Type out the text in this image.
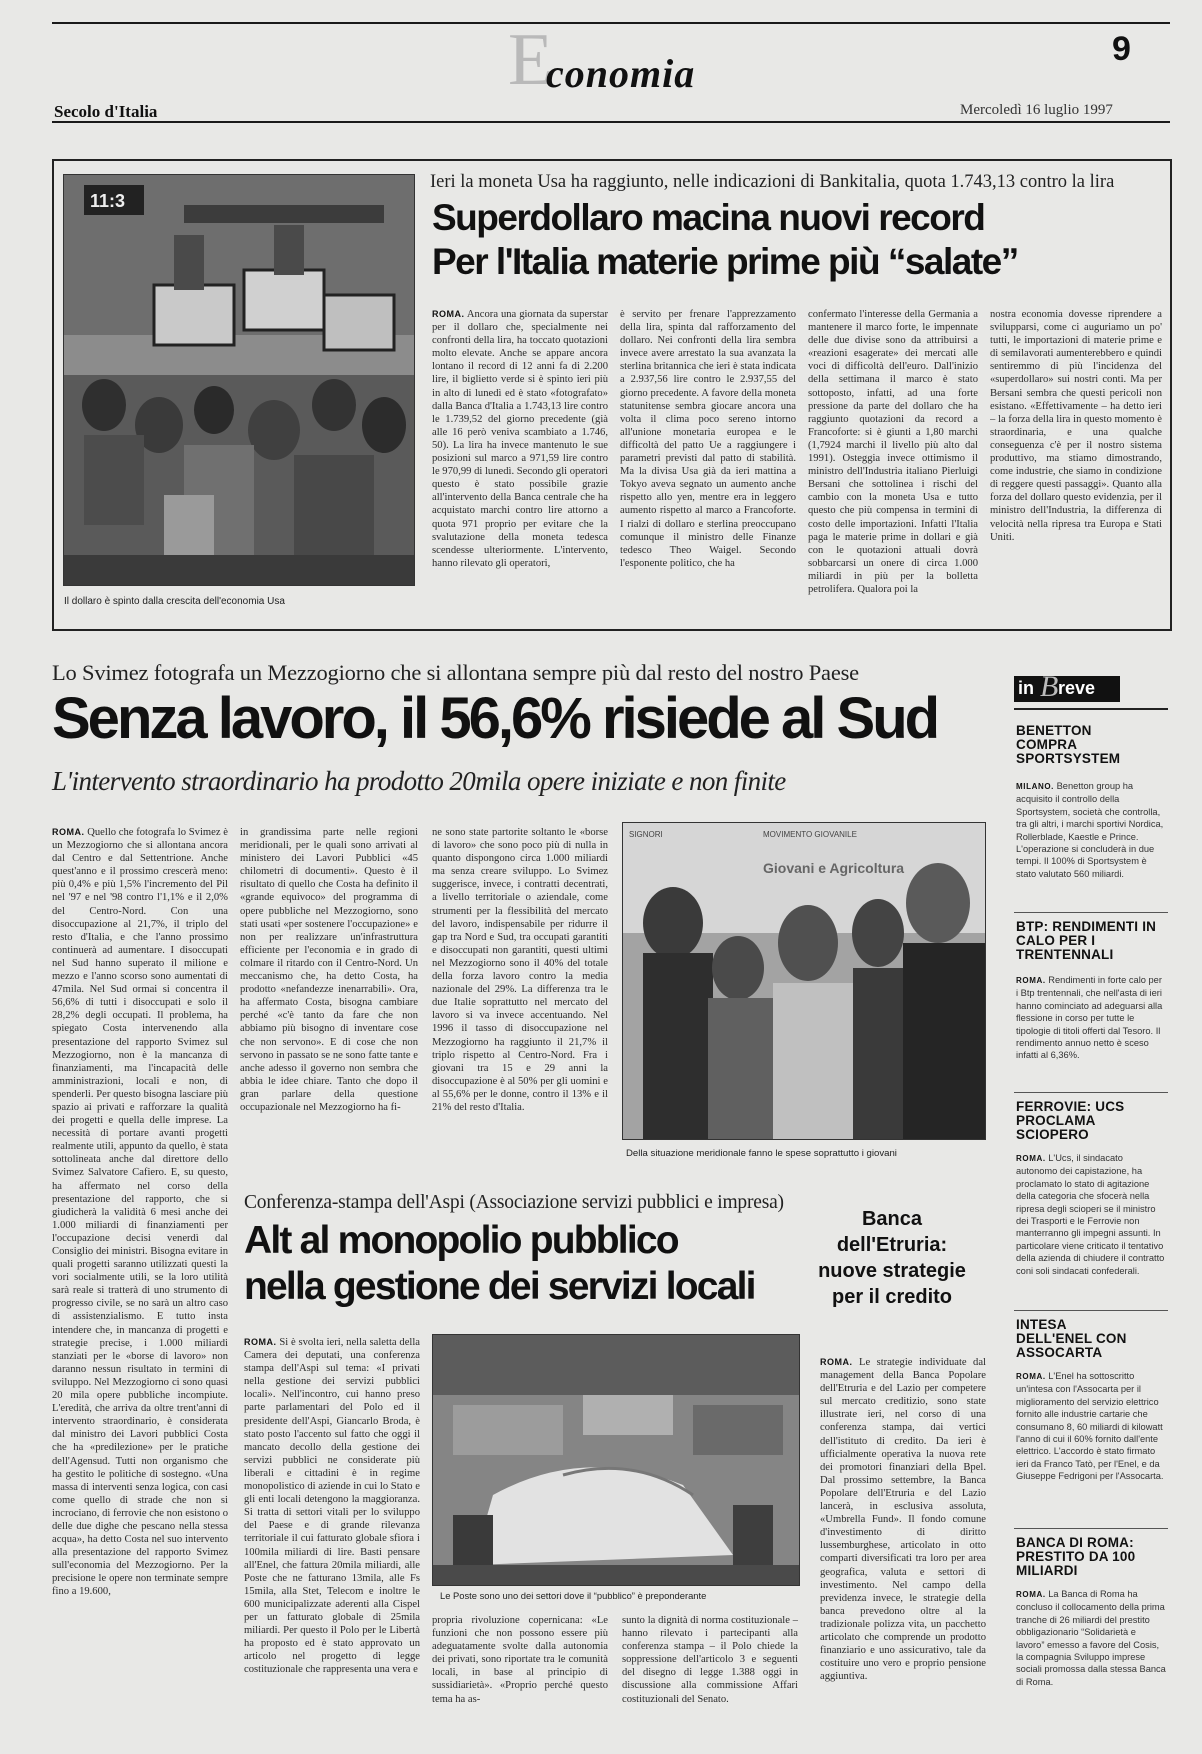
E
conomia
9
Secolo d'Italia	Mercoledì 16 luglio 1997
11:3
Il dollaro è spinto dalla crescita dell'economia Usa
Ieri la moneta Usa ha raggiunto, nelle indicazioni di Bankitalia, quota 1.743,13 contro la lira
Superdollaro macina nuovi record
Per l'Italia materie prime più “salate”
ROMA. Ancora una giornata da superstar per il dollaro che, specialmente nei confronti della lira, ha toccato quotazioni molto elevate. Anche se appare ancora lontano il record di 12 anni fa di 2.200 lire, il biglietto verde si è spinto ieri più in alto di lunedì ed è stato «fotografato» dalla Banca d'Italia a 1.743,13 lire contro le 1.739,52 del giorno precedente (già alle 16 però veniva scambiato a 1.746, 50). La lira ha invece mantenuto le sue posizioni sul marco a 971,59 lire contro le 970,99 di lunedì. Secondo gli operatori questo è stato possibile grazie all'intervento della Banca centrale che ha acquistato marchi contro lire attorno a quota 971 proprio per evitare che la svalutazione della moneta tedesca scendesse ulteriormente. L'intervento, hanno rilevato gli operatori,
è servito per frenare l'apprezzamento della lira, spinta dal rafforzamento del dollaro. Nei confronti della lira sembra invece avere arrestato la sua avanzata la sterlina britannica che ieri è stata indicata a 2.937,56 lire contro le 2.937,55 del giorno precedente. A favore della moneta statunitense sembra giocare ancora una volta il clima poco sereno intorno all'unione monetaria europea e le difficoltà del patto Ue a raggiungere i parametri previsti dal patto di stabilità. Ma la divisa Usa già da ieri mattina a Tokyo aveva segnato un aumento anche rispetto allo yen, mentre era in leggero aumento rispetto al marco a Francoforte. I rialzi di dollaro e sterlina preoccupano comunque il ministro delle Finanze tedesco Theo Waigel. Secondo l'esponente politico, che ha
confermato l'interesse della Germania a mantenere il marco forte, le impennate delle due divise sono da attribuirsi a «reazioni esagerate» dei mercati alle voci di difficoltà dell'euro. Dall'inizio della settimana il marco è stato sottoposto, infatti, ad una forte pressione da parte del dollaro che ha raggiunto quotazioni da record a Francoforte: si è giunti a 1,80 marchi (1,7924 marchi il livello più alto dal 1991). Osteggia invece ottimismo il ministro dell'Industria italiano Pierluigi Bersani che sottolinea i rischi del cambio con la moneta Usa e tutto questo che più compensa in termini di costo delle importazioni. Infatti l'Italia paga le materie prime in dollari e già con le quotazioni attuali dovrà sobbarcarsi un onere di circa 1.000 miliardi in più per la bolletta petrolifera. Qualora poi la
nostra economia dovesse riprendere a svilupparsi, come ci auguriamo un po' tutti, le importazioni di materie prime e di semilavorati aumenterebbero e quindi sentiremmo di più l'incidenza del «superdollaro» sui nostri conti. Ma per Bersani sembra che questi pericoli non esistano. «Effettivamente – ha detto ieri – la forza della lira in questo momento è straordinaria, e una qualche conseguenza c'è per il nostro sistema produttivo, ma stiamo dimostrando, come industrie, che siamo in condizione di reggere questi passaggi». Quanto alla forza del dollaro questo evidenzia, per il ministro dell'Industria, la differenza di velocità nella ripresa tra Europa e Stati Uniti.
Lo Svimez fotografa un Mezzogiorno che si allontana sempre più dal resto del nostro Paese
Senza lavoro, il 56,6% risiede al Sud
L'intervento straordinario ha prodotto 20mila opere iniziate e non finite
ROMA. Quello che fotografa lo Svimez è un Mezzogiorno che si allontana ancora dal Centro e dal Settentrione. Anche quest'anno e il prossimo crescerà meno: più 0,4% e più 1,5% l'incremento del Pil nel '97 e nel '98 contro l'1,1% e il 2,0% del Centro-Nord. Con una disoccupazione al 21,7%, il triplo del resto d'Italia, e che l'anno prossimo continuerà ad aumentare. I disoccupati nel Sud hanno superato il milione e mezzo e l'anno scorso sono aumentati di 47mila. Nel Sud ormai si concentra il 56,6% di tutti i disoccupati e solo il 28,2% degli occupati. Il problema, ha spiegato Costa intervenendo alla presentazione del rapporto Svimez sul Mezzogiorno, non è la mancanza di finanziamenti, ma l'incapacità delle amministrazioni, locali e non, di spenderli. Per questo bisogna lasciare più spazio ai privati e rafforzare la qualità dei progetti e quella delle imprese. La necessità di portare avanti progetti realmente utili, appunto da quello, è stata sottolineata anche dal direttore dello Svimez Salvatore Cafiero. E, su questo, ha affermato nel corso della presentazione del rapporto, che si giudicherà la validità 6 mesi anche dei 1.000 miliardi di finanziamenti per l'occupazione decisi venerdì dal Consiglio dei ministri. Bisogna evitare in quali progetti saranno utilizzati questi la vori socialmente utili, se la loro utilità sarà reale si tratterà di uno strumento di progresso civile, se no sarà un altro caso di assistenzialismo. E tutto insta intendere che, in mancanza di progetti e strategie precise, i 1.000 miliardi stanziati per le «borse di lavoro» non daranno nessun risultato in termini di sviluppo. Nel Mezzogiorno ci sono quasi 20 mila opere pubbliche incompiute. L'eredità, che arriva da oltre trent'anni di intervento straordinario, è considerata dal ministro dei Lavori pubblici Costa che ha «predilezione» per le pratiche dell'Agensud. Tutti non organismo che ha gestito le politiche di sostegno. «Una massa di interventi senza logica, con casi come quello di strade che non si incrociano, di ferrovie che non esistono o delle due dighe che pescano nella stessa acqua», ha detto Costa nel suo intervento alla presentazione del rapporto Svimez sull'economia del Mezzogiorno. Per la precisione le opere non terminate sempre fino a 19.600,
in grandissima parte nelle regioni meridionali, per le quali sono arrivati al ministero dei Lavori Pubblici «45 chilometri di documenti». Questo è il risultato di quello che Costa ha definito il «grande equivoco» del programma di opere pubbliche nel Mezzogiorno, sono stati usati «per sostenere l'occupazione» e non per realizzare un'infrastruttura efficiente per l'economia e in grado di colmare il ritardo con il Centro-Nord. Un meccanismo che, ha detto Costa, ha prodotto «nefandezze inenarrabili». Ora, ha affermato Costa, bisogna cambiare perché «c'è tanto da fare che non abbiamo più bisogno di inventare cose che non servono». E di cose che non servono in passato se ne sono fatte tante e anche adesso il governo non sembra che abbia le idee chiare. Tanto che dopo il gran parlare della questione occupazionale nel Mezzogiorno ha fi-
ne sono state partorite soltanto le «borse di lavoro» che sono poco più di nulla in quanto dispongono circa 1.000 miliardi ma senza creare sviluppo. Lo Svimez suggerisce, invece, i contratti decentrati, a livello territoriale o aziendale, come strumenti per la flessibilità del mercato del lavoro, indispensabile per ridurre il gap tra Nord e Sud, tra occupati garantiti e disoccupati non garantiti, questi ultimi nel Mezzogiorno sono il 40% del totale della forza lavoro contro la media nazionale del 29%. La differenza tra le due Italie soprattutto nel mercato del lavoro si va invece accentuando. Nel 1996 il tasso di disoccupazione nel Mezzogiorno ha raggiunto il 21,7% il triplo rispetto al Centro-Nord. Fra i giovani tra 15 e 29 anni la disoccupazione è al 50% per gli uomini e al 55,6% per le donne, contro il 13% e il 21% del resto d'Italia.
SIGNORI	MOVIMENTO GIOVANILE
Giovani e Agricoltura
Della situazione meridionale fanno le spese soprattutto i giovani
Conferenza-stampa dell'Aspi (Associazione servizi pubblici e impresa)
Alt al monopolio pubblico
nella gestione dei servizi locali
ROMA. Si è svolta ieri, nella saletta della Camera dei deputati, una conferenza stampa dell'Aspi sul tema: «I privati nella gestione dei servizi pubblici locali». Nell'incontro, cui hanno preso parte parlamentari del Polo ed il presidente dell'Aspi, Giancarlo Broda, è stato posto l'accento sul fatto che oggi il mancato decollo della gestione dei servizi pubblici ne considerate più liberali e cittadini è in regime monopolistico di aziende in cui lo Stato e gli enti locali detengono la maggioranza. Si tratta di settori vitali per lo sviluppo del Paese e di grande rilevanza territoriale il cui fatturato globale sfiora i 100mila miliardi di lire. Basti pensare all'Enel, che fattura 20mila miliardi, alle Poste che ne fatturano 13mila, alle Fs 15mila, alla Stet, Telecom e inoltre le 600 municipalizzate aderenti alla Cispel per un fatturato globale di 25mila miliardi. Per questo il Polo per le Libertà ha proposto ed è stato approvato un articolo nel progetto di legge costituzionale che rappresenta una vera e
Le Poste sono uno dei settori dove il “pubblico” è preponderante
propria rivoluzione copernicana: «Le funzioni che non possono essere più adeguatamente svolte dalla autonomia dei privati, sono riportate tra le comunità locali, in base al principio di sussidiarietà». «Proprio perché questo tema ha as-
sunto la dignità di norma costituzionale – hanno rilevato i partecipanti alla conferenza stampa – il Polo chiede la soppressione dell'articolo 3 e seguenti del disegno di legge 1.388 oggi in discussione alla commissione Affari costituzionali del Senato.
Banca dell'Etruria: nuove strategie per il credito
ROMA. Le strategie individuate dal management della Banca Popolare dell'Etruria e del Lazio per competere sul mercato creditizio, sono state illustrate ieri, nel corso di una conferenza stampa, dai vertici dell'istituto di credito. Da ieri è ufficialmente operativa la nuova rete dei promotori finanziari della Bpel. Dal prossimo settembre, la Banca Popolare dell'Etruria e del Lazio lancerà, in esclusiva assoluta, «Umbrella Fund». Il fondo comune d'investimento di diritto lussemburghese, articolato in otto comparti diversificati tra loro per area geografica, valuta e settori di investimento. Nel campo della previdenza invece, le strategie della banca prevedono oltre al la tradizionale polizza vita, un pacchetto articolato che comprende un prodotto finanziario e uno assicurativo, tale da costituire uno vero e proprio pensione aggiuntiva.
in B reve
BENETTON COMPRA SPORTSYSTEM
MILANO. Benetton group ha acquisito il controllo della Sportsystem, società che controlla, tra gli altri, i marchi sportivi Nordica, Rollerblade, Kaestle e Prince. L'operazione si concluderà in due tempi. Il 100% di Sportsystem è stato valutato 560 miliardi.
BTP: RENDIMENTI IN CALO PER I TRENTENNALI
ROMA. Rendimenti in forte calo per i Btp trentennali, che nell'asta di ieri hanno cominciato ad adeguarsi alla flessione in corso per tutte le tipologie di titoli offerti dal Tesoro. Il rendimento annuo netto è sceso infatti al 6,36%.
FERROVIE: UCS PROCLAMA SCIOPERO
ROMA. L'Ucs, il sindacato autonomo dei capistazione, ha proclamato lo stato di agitazione della categoria che sfocerà nella ripresa degli scioperi se il ministro dei Trasporti e le Ferrovie non manterranno gli impegni assunti. In particolare viene criticato il tentativo della azienda di chiudere il contratto coni soli sindacati confederali.
INTESA DELL'ENEL CON ASSOCARTA
ROMA. L'Enel ha sottoscritto un'intesa con l'Assocarta per il miglioramento del servizio elettrico fornito alle industrie cartarie che consumano 8, 60 miliardi di kilowatt l'anno di cui il 60% fornito dall'ente elettrico. L'accordo è stato firmato ieri da Franco Tatò, per l'Enel, e da Giuseppe Fedrigoni per l'Assocarta.
BANCA DI ROMA: PRESTITO DA 100 MILIARDI
ROMA. La Banca di Roma ha concluso il collocamento della prima tranche di 26 miliardi del prestito obbligazionario “Solidarietà e lavoro” emesso a favore del Cosis, la compagnia Sviluppo imprese sociali promossa dalla stessa Banca di Roma.
